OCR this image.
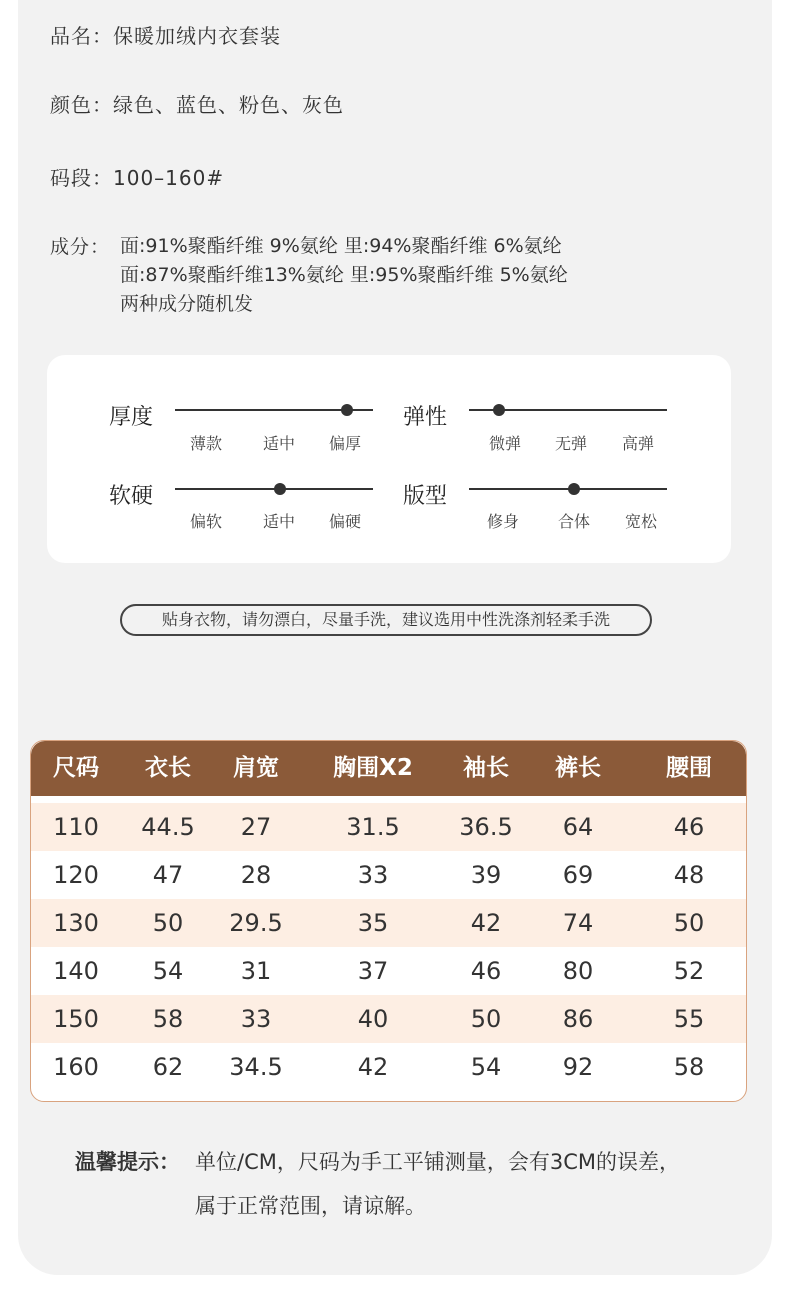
品名：保暖加绒内衣套装
颜色：绿色、蓝色、粉色、灰色
码段：100–160#
成分： 面:91%聚酯纤维 9%氨纶 里:94%聚酯纤维 6%氨纶
面:87%聚酯纤维13%氨纶 里:95%聚酯纤维 5%氨纶
两种成分随机发
厚度
薄款	适中 偏厚
弹性
微弹 无弹 高弹
软硬
偏软	适中 偏硬
版型
修身 合体 宽松
贴身衣物，请勿漂白，尽量手洗，建议选用中性洗涤剂轻柔手洗
尺码	衣长	肩宽	胸围X2	袖长	裤长	腰围
110	44.5	27	31.5	36.5	64	46
120	47	28	33	39	69	48
130	50	29.5	35	42	74	50
140	54	31	37	46	80	52
150	58	33	40	50	86	55
160	62	34.5	42	54	92	58
温馨提示： 单位/CM，尺码为手工平铺测量，会有3CM的误差，
属于正常范围，请谅解。
